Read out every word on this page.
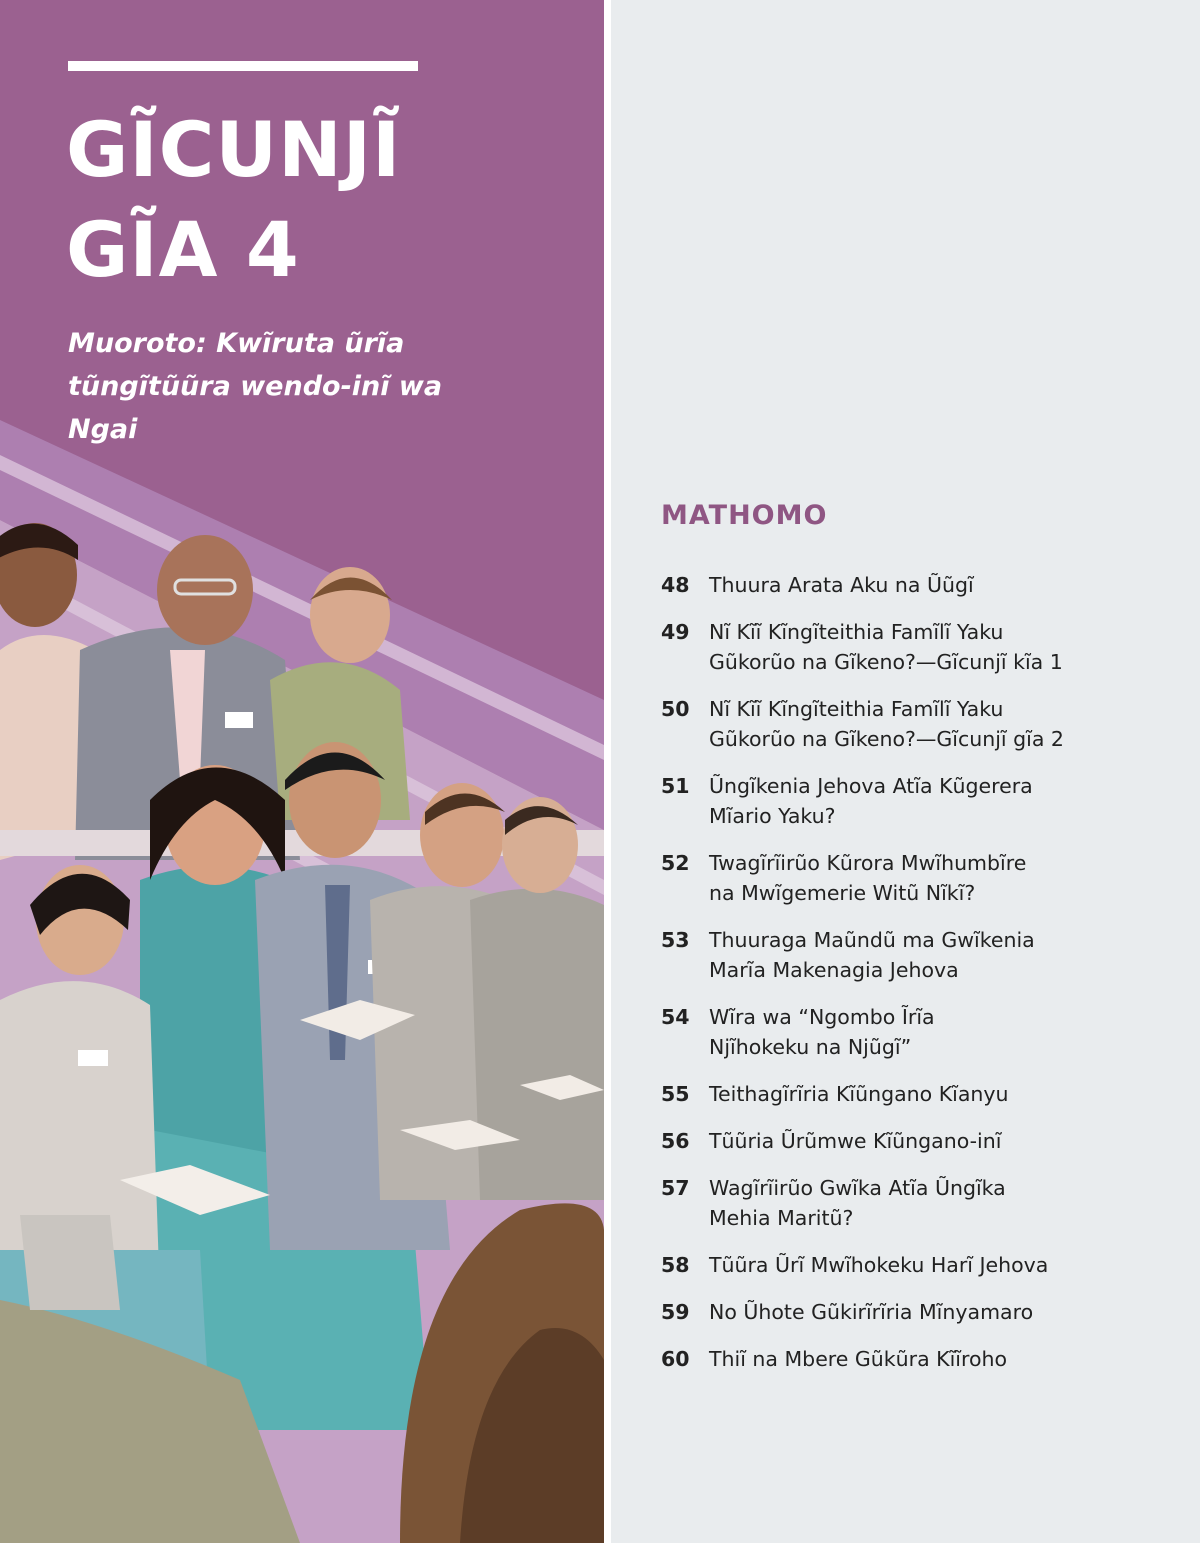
GĨCUNJĨ
GĨA 4

Muoroto: Kwĩruta ũrĩa tũngĩtũũra wendo-inĩ wa Ngai

MATHOMO
48 Thuura Arata Aku na Ũũgĩ
49 Nĩ Kĩĩ Kĩngĩteithia Famĩlĩ Yaku
Gũkorũo na Gĩkeno?—Gĩcunjĩ kĩa 1
50 Nĩ Kĩĩ Kĩngĩteithia Famĩlĩ Yaku
Gũkorũo na Gĩkeno?—Gĩcunjĩ gĩa 2
51 Ũngĩkenia Jehova Atĩa Kũgerera
Mĩario Yaku?
52 Twagĩrĩirũo Kũrora Mwĩhumbĩre
na Mwĩgemerie Witũ Nĩkĩ?
53 Thuuraga Maũndũ ma Gwĩkenia
Marĩa Makenagia Jehova
54 Wĩra wa “Ngombo Ĩrĩa
Njĩhokeku na Njũgĩ”
55 Teithagĩrĩria Kĩũngano Kĩanyu
56 Tũũria Ũrũmwe Kĩũngano-inĩ
57 Wagĩrĩirũo Gwĩka Atĩa Ũngĩka
Mehia Maritũ?
58 Tũũra Ũrĩ Mwĩhokeku Harĩ Jehova
59 No Ũhote Gũkirĩrĩria Mĩnyamaro
60 Thiĩ na Mbere Gũkũra Kĩĩroho
